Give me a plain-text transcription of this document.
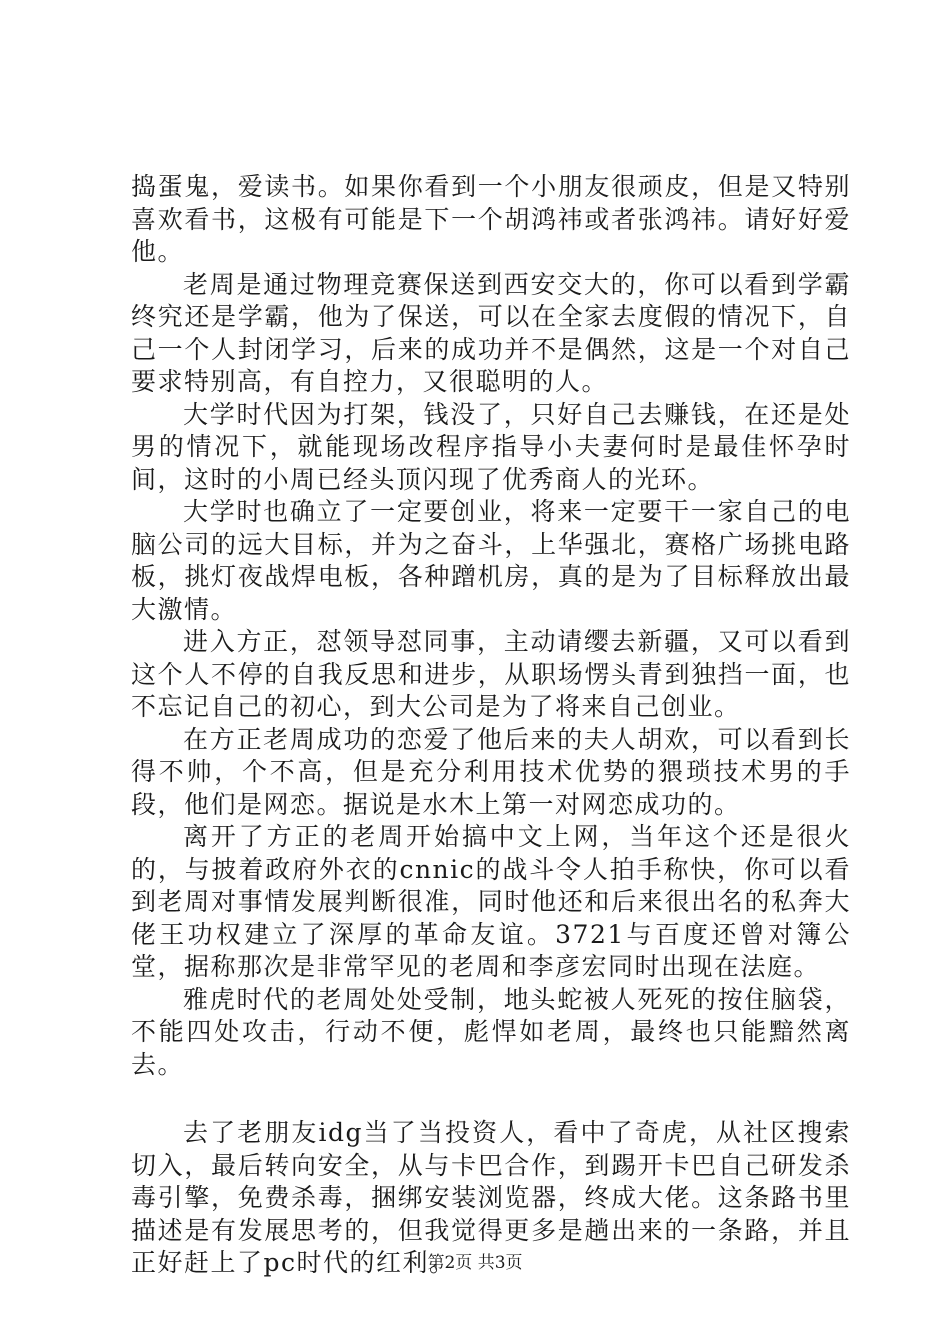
捣蛋鬼，爱读书。如果你看到一个小朋友很顽皮，但是又特别喜欢看书，这极有可能是下一个胡鸿祎或者张鸿祎。请好好爱他。

老周是通过物理竞赛保送到西安交大的，你可以看到学霸终究还是学霸，他为了保送，可以在全家去度假的情况下，自己一个人封闭学习，后来的成功并不是偶然，这是一个对自己要求特别高，有自控力，又很聪明的人。

大学时代因为打架，钱没了，只好自己去赚钱，在还是处男的情况下，就能现场改程序指导小夫妻何时是最佳怀孕时间，这时的小周已经头顶闪现了优秀商人的光环。

大学时也确立了一定要创业，将来一定要干一家自己的电脑公司的远大目标，并为之奋斗，上华强北，赛格广场挑电路板，挑灯夜战焊电板，各种蹭机房，真的是为了目标释放出最大激情。

进入方正，怼领导怼同事，主动请缨去新疆，又可以看到这个人不停的自我反思和进步，从职场愣头青到独挡一面，也不忘记自己的初心，到大公司是为了将来自己创业。

在方正老周成功的恋爱了他后来的夫人胡欢，可以看到长得不帅，个不高，但是充分利用技术优势的猥琐技术男的手段，他们是网恋。据说是水木上第一对网恋成功的。

离开了方正的老周开始搞中文上网，当年这个还是很火的，与披着政府外衣的cnnic的战斗令人拍手称快，你可以看到老周对事情发展判断很准，同时他还和后来很出名的私奔大佬王功权建立了深厚的革命友谊。3721与百度还曾对簿公堂，据称那次是非常罕见的老周和李彦宏同时出现在法庭。

雅虎时代的老周处处受制，地头蛇被人死死的按住脑袋，不能四处攻击，行动不便，彪悍如老周，最终也只能黯然离去。

去了老朋友idg当了当投资人，看中了奇虎，从社区搜索切入，最后转向安全，从与卡巴合作，到踢开卡巴自己研发杀毒引擎，免费杀毒，捆绑安装浏览器，终成大佬。这条路书里描述是有发展思考的，但我觉得更多是趟出来的一条路，并且正好赶上了pc时代的红利。

第2页 共3页
